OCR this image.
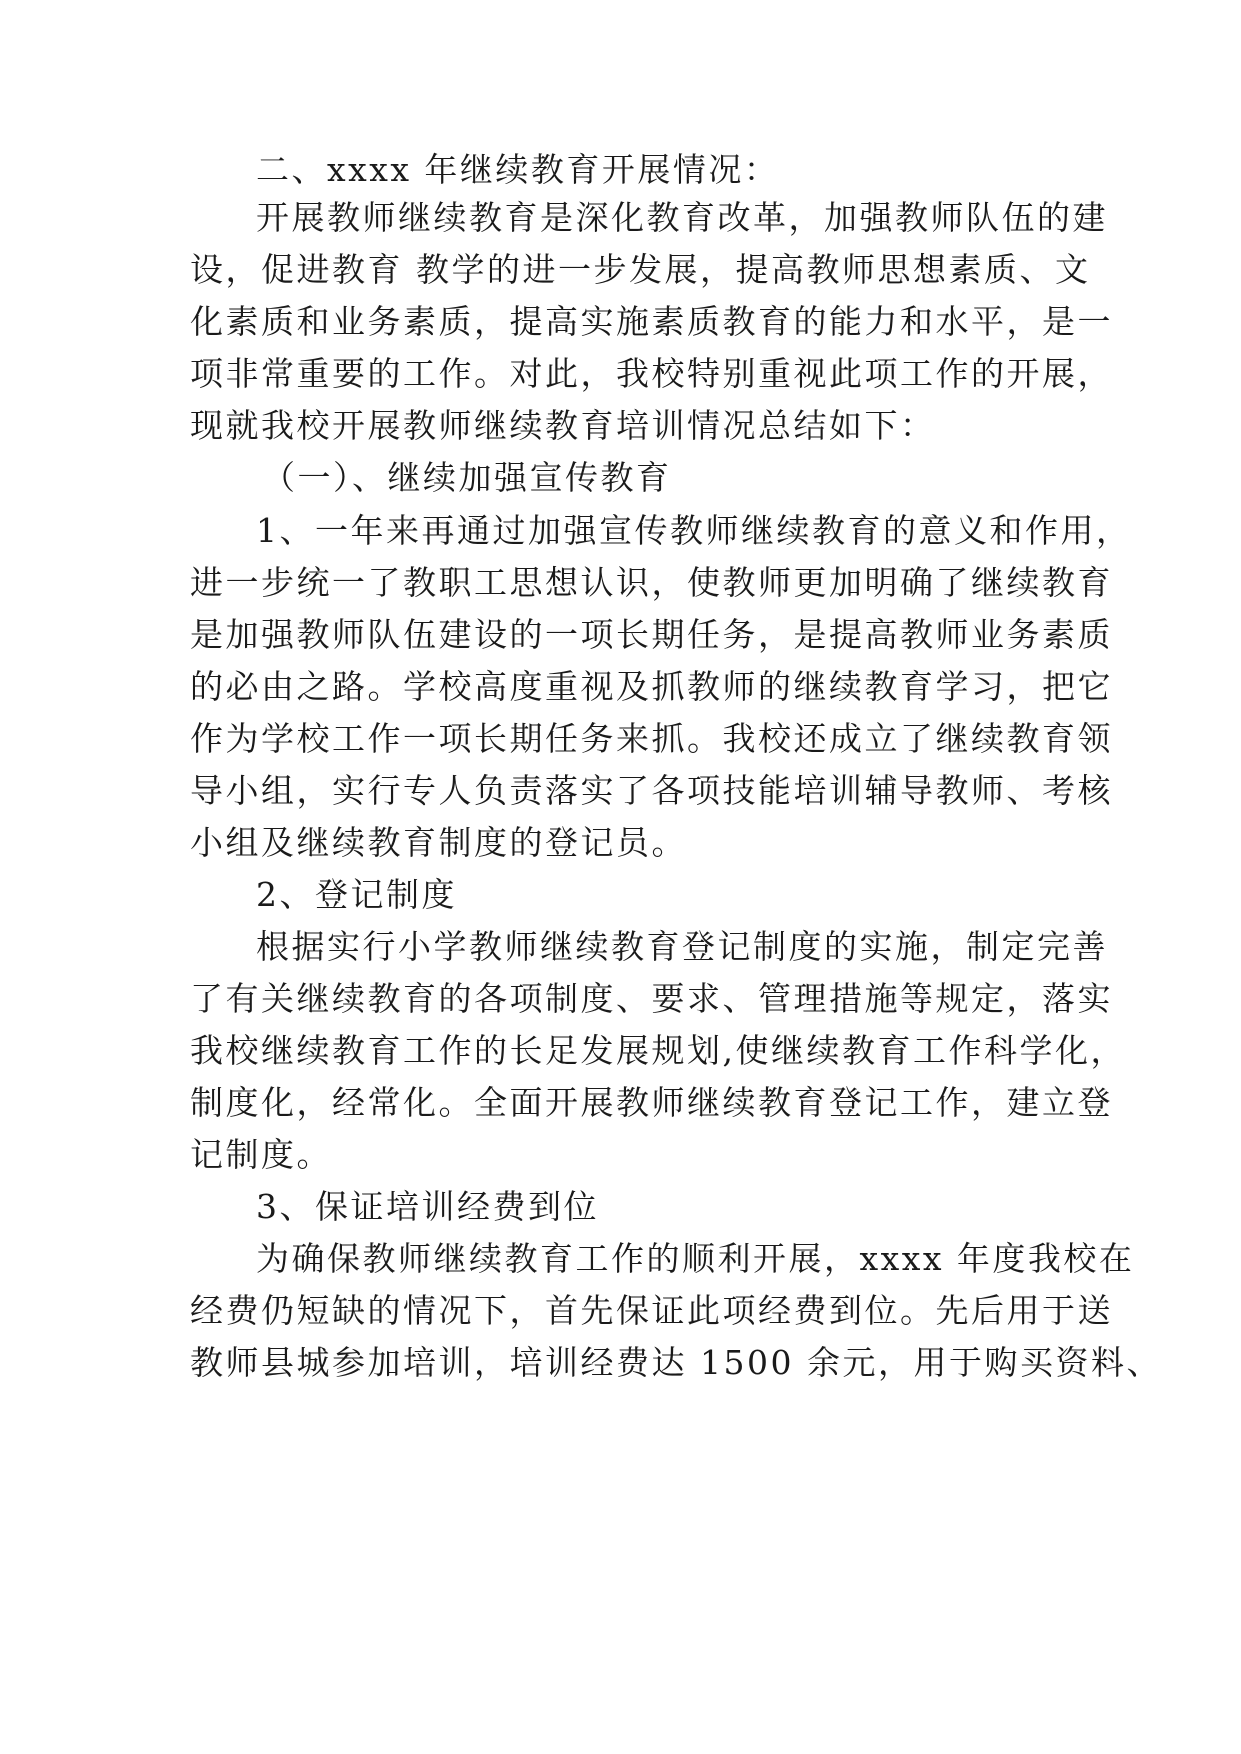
二、xxxx 年继续教育开展情况：
开展教师继续教育是深化教育改革，加强教师队伍的建
设，促进教育 教学的进一步发展，提高教师思想素质、文
化素质和业务素质，提高实施素质教育的能力和水平，是一
项非常重要的工作。对此，我校特别重视此项工作的开展，
现就我校开展教师继续教育培训情况总结如下：
（一）、继续加强宣传教育
1、一年来再通过加强宣传教师继续教育的意义和作用，
进一步统一了教职工思想认识，使教师更加明确了继续教育
是加强教师队伍建设的一项长期任务，是提高教师业务素质
的必由之路。学校高度重视及抓教师的继续教育学习，把它
作为学校工作一项长期任务来抓。我校还成立了继续教育领
导小组，实行专人负责落实了各项技能培训辅导教师、考核
小组及继续教育制度的登记员。
2、登记制度
根据实行小学教师继续教育登记制度的实施，制定完善
了有关继续教育的各项制度、要求、管理措施等规定，落实
我校继续教育工作的长足发展规划,使继续教育工作科学化，
制度化，经常化。全面开展教师继续教育登记工作，建立登
记制度。
3、保证培训经费到位
为确保教师继续教育工作的顺利开展，xxxx 年度我校在
经费仍短缺的情况下，首先保证此项经费到位。先后用于送
教师县城参加培训，培训经费达 1500 余元，用于购买资料、
